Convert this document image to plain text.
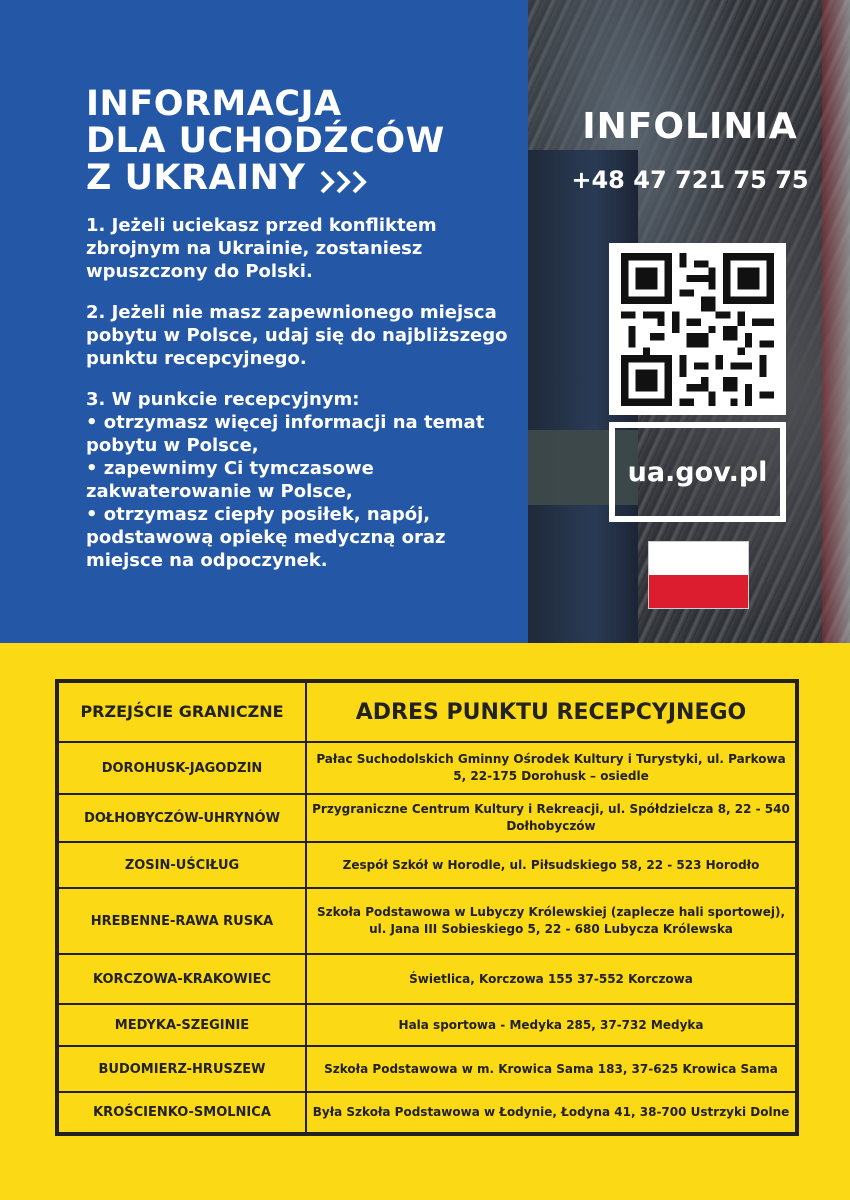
INFORMACJA
DLA UCHODŹCÓW
Z UKRAINY

1. Jeżeli uciekasz przed konfliktem zbrojnym na Ukrainie, zostaniesz wpuszczony do Polski.

2. Jeżeli nie masz zapewnionego miejsca pobytu w Polsce, udaj się do najbliższego punktu recepcyjnego.

3. W punkcie recepcyjnym:
• otrzymasz więcej informacji na temat pobytu w Polsce,
• zapewnimy Ci tymczasowe zakwaterowanie w Polsce,
• otrzymasz ciepły posiłek, napój, podstawową opiekę medyczną oraz miejsce na odpoczynek.

INFOLINIA
+48 47 721 75 75
ua.gov.pl
PRZEJŚCIE GRANICZNE	ADRES PUNKTU RECEPCYJNEGO
DOROHUSK-JAGODZIN	Pałac Suchodolskich Gminny Ośrodek Kultury i Turystyki, ul. Parkowa 5, 22-175 Dorohusk – osiedle
DOŁHOBYCZÓW-UHRYNÓW	Przygraniczne Centrum Kultury i Rekreacji, ul. Spółdzielcza 8, 22 - 540 Dołhobyczów
ZOSIN-UŚCIŁUG	Zespół Szkół w Horodle, ul. Piłsudskiego 58, 22 - 523 Horodło
HREBENNE-RAWA RUSKA	Szkoła Podstawowa w Lubyczy Królewskiej (zaplecze hali sportowej), ul. Jana III Sobieskiego 5, 22 - 680 Lubycza Królewska
KORCZOWA-KRAKOWIEC	Świetlica, Korczowa 155 37-552 Korczowa
MEDYKA-SZEGINIE	Hala sportowa - Medyka 285, 37-732 Medyka
BUDOMIERZ-HRUSZEW	Szkoła Podstawowa w m. Krowica Sama 183, 37-625 Krowica Sama
KROŚCIENKO-SMOLNICA	Była Szkoła Podstawowa w Łodynie, Łodyna 41, 38-700 Ustrzyki Dolne
